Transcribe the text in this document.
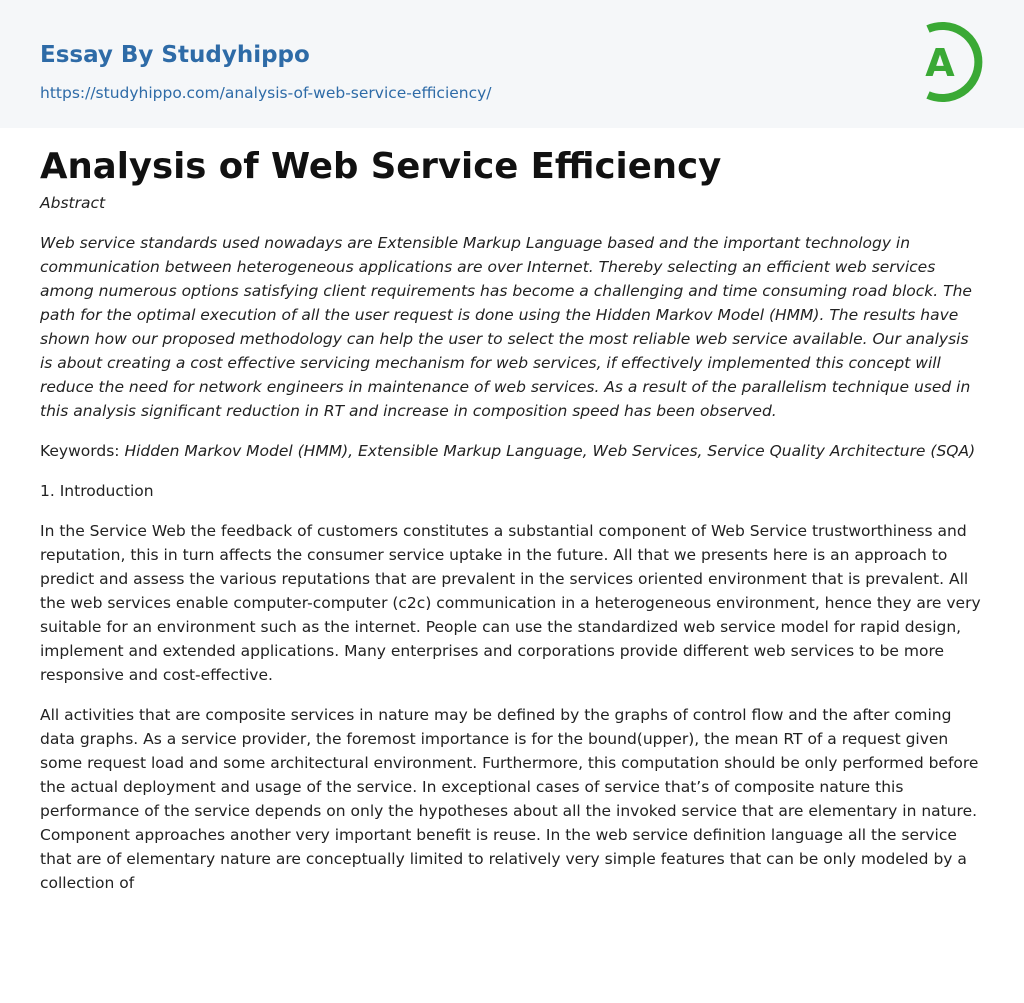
Essay By Studyhippo
https://studyhippo.com/analysis-of-web-service-efficiency/
A
Analysis of Web Service Efficiency
Abstract

Web service standards used nowadays are Extensible Markup Language based and the important technology in communication between heterogeneous applications are over Internet. Thereby selecting an efficient web services among numerous options satisfying client requirements has become a challenging and time consuming road block. The path for the optimal execution of all the user request is done using the Hidden Markov Model (HMM). The results have shown how our proposed methodology can help the user to select the most reliable web service available. Our analysis is about creating a cost effective servicing mechanism for web services, if effectively implemented this concept will reduce the need for network engineers in maintenance of web services. As a result of the parallelism technique used in this analysis significant reduction in RT and increase in composition speed has been observed.

Keywords: Hidden Markov Model (HMM), Extensible Markup Language, Web Services, Service Quality Architecture (SQA)

1. Introduction

In the Service Web the feedback of customers constitutes a substantial component of Web Service trustworthiness and reputation, this in turn affects the consumer service uptake in the future. All that we presents here is an approach to predict and assess the various reputations that are prevalent in the services oriented environment that is prevalent. All the web services enable computer-computer (c2c) communication in a heterogeneous environment, hence they are very suitable for an environment such as the internet. People can use the standardized web service model for rapid design, implement and extended applications. Many enterprises and corporations provide different web services to be more responsive and cost-effective.

All activities that are composite services in nature may be defined by the graphs of control flow and the after coming data graphs. As a service provider, the foremost importance is for the bound(upper), the mean RT of a request given some request load and some architectural environment. Furthermore, this computation should be only performed before the actual deployment and usage of the service. In exceptional cases of service that’s of composite nature this performance of the service depends on only the hypotheses about all the invoked service that are elementary in nature. Component approaches another very important benefit is reuse. In the web service definition language all the service that are of elementary nature are conceptually limited to relatively very simple features that can be only modeled by a collection of
